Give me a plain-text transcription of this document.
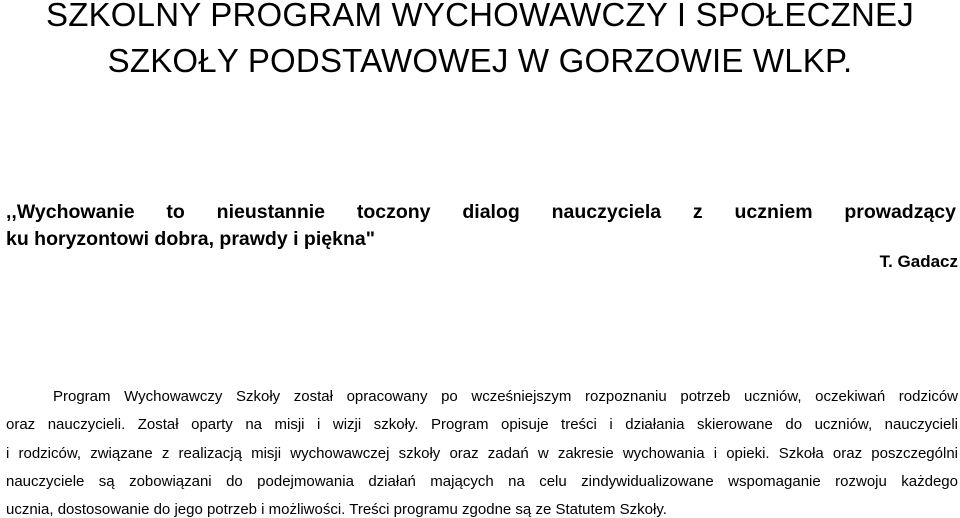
SZKOLNY PROGRAM WYCHOWAWCZY I SPOŁECZNEJ
SZKOŁY PODSTAWOWEJ W GORZOWIE WLKP.

,,Wychowanie to nieustannie toczony dialog nauczyciela z uczniem prowadzący
ku horyzontowi dobra, prawdy i piękna"

T. Gadacz

Program Wychowawczy Szkoły został opracowany po wcześniejszym rozpoznaniu potrzeb uczniów, oczekiwań rodziców
oraz nauczycieli. Został oparty na misji i wizji szkoły. Program opisuje treści i działania skierowane do uczniów, nauczycieli
i rodziców, związane z realizacją misji wychowawczej szkoły oraz zadań w zakresie wychowania i opieki. Szkoła oraz poszczególni
nauczyciele są zobowiązani do podejmowania działań mających na celu zindywidualizowane wspomaganie rozwoju każdego
ucznia, dostosowanie do jego potrzeb i możliwości. Treści programu zgodne są ze Statutem Szkoły.
